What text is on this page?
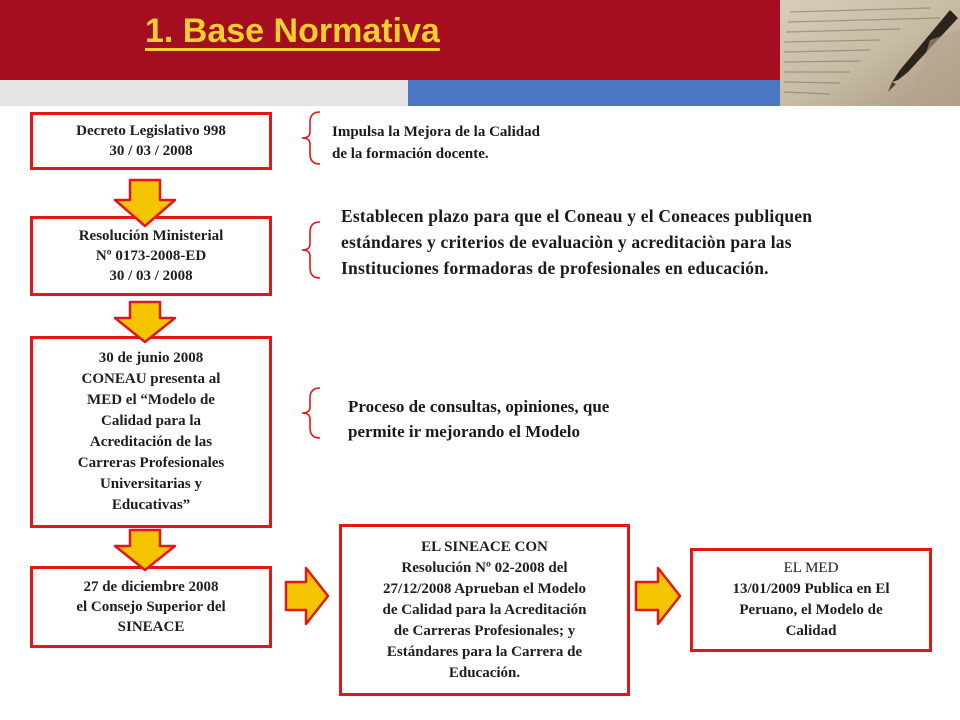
1. Base Normativa
Decreto Legislativo 998
30 / 03 / 2008
Resolución Ministerial
Nº 0173-2008-ED
30 / 03 / 2008
30 de junio 2008
CONEAU presenta al
MED el “Modelo de
Calidad para la
Acreditación de las
Carreras Profesionales
Universitarias y
Educativas”
27 de diciembre 2008
el Consejo Superior del
SINEACE
EL SINEACE CON
Resolución Nº 02-2008 del
27/12/2008 Aprueban el Modelo
de Calidad para la Acreditación
de Carreras Profesionales; y
Estándares para la Carrera de
Educación.
EL MED
13/01/2009 Publica en El
Peruano, el Modelo de
Calidad
Impulsa la Mejora de la Calidad
de la formación docente.
Establecen plazo para que el Coneau y el Coneaces publiquen
estándares y criterios de evaluaciòn y acreditaciòn para las
Instituciones formadoras de profesionales en educación.
Proceso de consultas, opiniones, que
permite ir mejorando el Modelo
